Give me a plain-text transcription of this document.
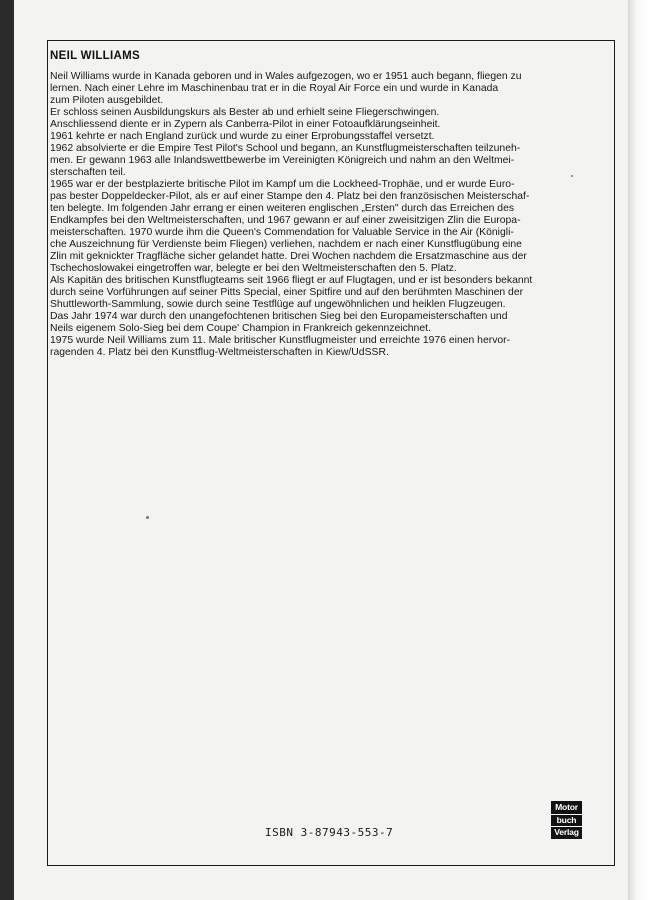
NEIL WILLIAMS
Neil Williams wurde in Kanada geboren und in Wales aufgezogen, wo er 1951 auch begann, fliegen zu
lernen. Nach einer Lehre im Maschinenbau trat er in die Royal Air Force ein und wurde in Kanada
zum Piloten ausgebildet.
Er schloss seinen Ausbildungskurs als Bester ab und erhielt seine Fliegerschwingen.
Anschliessend diente er in Zypern als Canberra-Pilot in einer Fotoaufklärungseinheit.
1961 kehrte er nach England zurück und wurde zu einer Erprobungsstaffel versetzt.
1962 absolvierte er die Empire Test Pilot's School und begann, an Kunstflugmeisterschaften teilzuneh-
men. Er gewann 1963 alle Inlandswettbewerbe im Vereinigten Königreich und nahm an den Weltmei-
sterschaften teil.
1965 war er der bestplazierte britische Pilot im Kampf um die Lockheed-Trophäe, und er wurde Euro-
pas bester Doppeldecker-Pilot, als er auf einer Stampe den 4. Platz bei den französischen Meisterschaf-
ten belegte. Im folgenden Jahr errang er einen weiteren englischen „Ersten" durch das Erreichen des
Endkampfes bei den Weltmeisterschaften, und 1967 gewann er auf einer zweisitzigen Zlin die Europa-
meisterschaften. 1970 wurde ihm die Queen's Commendation for Valuable Service in the Air (Königli-
che Auszeichnung für Verdienste beim Fliegen) verliehen, nachdem er nach einer Kunstflugübung eine
Zlin mit geknickter Tragfläche sicher gelandet hatte. Drei Wochen nachdem die Ersatzmaschine aus der
Tschechoslowakei eingetroffen war, belegte er bei den Weltmeisterschaften den 5. Platz.
Als Kapitän des britischen Kunstflugteams seit 1966 fliegt er auf Flugtagen, und er ist besonders bekannt
durch seine Vorführungen auf seiner Pitts Special, einer Spitfire und auf den berühmten Maschinen der
Shuttleworth-Sammlung, sowie durch seine Testflüge auf ungewöhnlichen und heiklen Flugzeugen.
Das Jahr 1974 war durch den unangefochtenen britischen Sieg bei den Europameisterschaften und
Neils eigenem Solo-Sieg bei dem Coupe' Champion in Frankreich gekennzeichnet.
1975 wurde Neil Williams zum 11. Male britischer Kunstflugmeister und erreichte 1976 einen hervor-
ragenden 4. Platz bei den Kunstflug-Weltmeisterschaften in Kiew/UdSSR.
ISBN 3-87943-553-7
Motor
buch
Verlag
